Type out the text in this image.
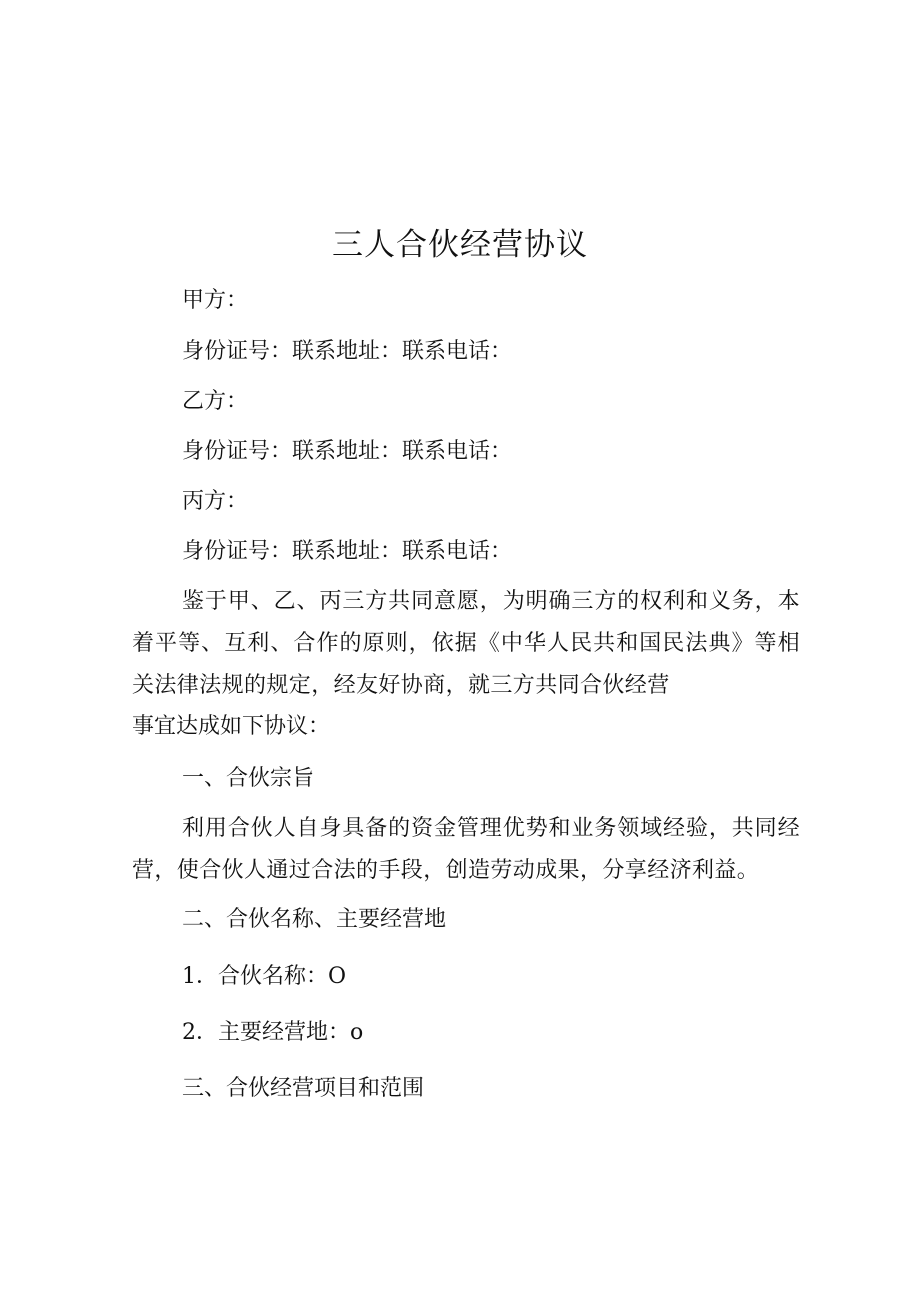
三人合伙经营协议

甲方：

身份证号：联系地址：联系电话：

乙方：

身份证号：联系地址：联系电话：

丙方：

身份证号：联系地址：联系电话：

鉴于甲、乙、丙三方共同意愿，为明确三方的权利和义务，本着平等、互利、合作的原则，依据《中华人民共和国民法典》等相关法律法规的规定，经友好协商，就三方共同合伙经营

事宜达成如下协议：

一、合伙宗旨

利用合伙人自身具备的资金管理优势和业务领域经验，共同经营，使合伙人通过合法的手段，创造劳动成果，分享经济利益。

二、合伙名称、主要经营地

1．合伙名称：O

2．主要经营地：o

三、合伙经营项目和范围
